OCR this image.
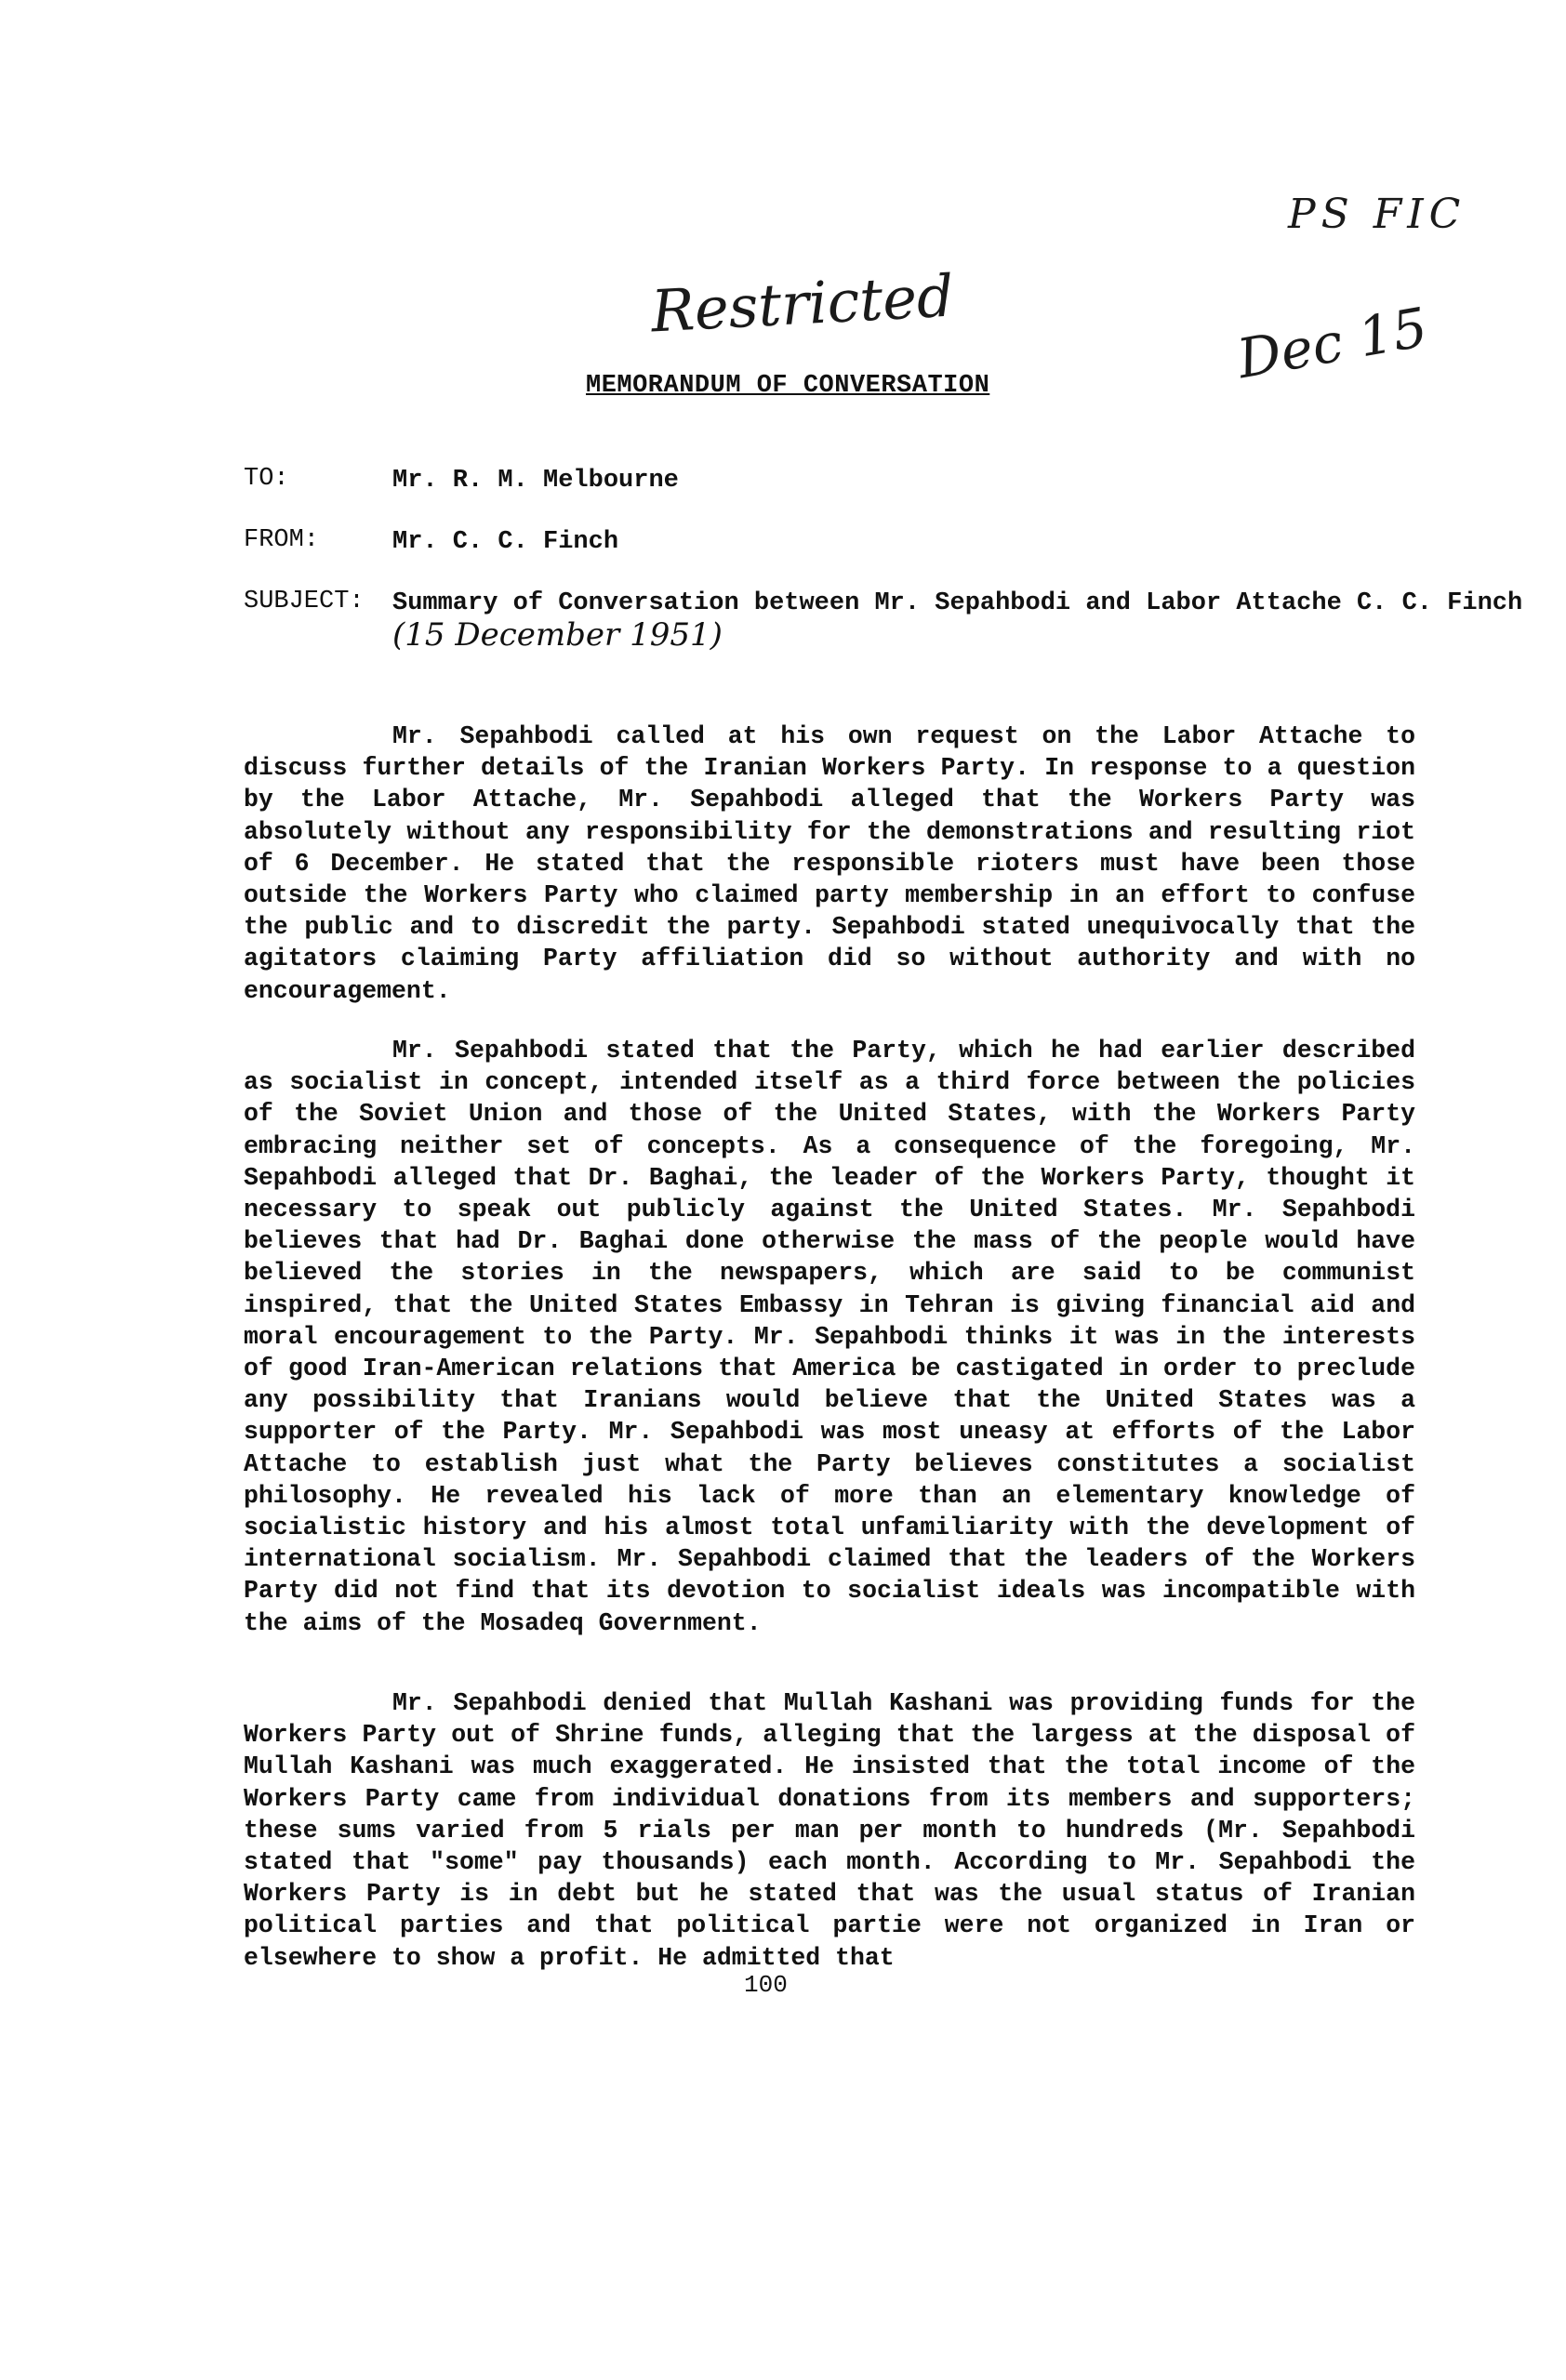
PS FIC
Restricted	Dec 15
MEMORANDUM OF CONVERSATION
TO:	Mr. R. M. Melbourne
FROM:	Mr. C. C. Finch
SUBJECT:	Summary of Conversation between Mr. Sepahbodi and Labor Attache C. C. Finch (15 December 1951)

Mr. Sepahbodi called at his own request on the Labor Attache to discuss further details of the Iranian Workers Party. In response to a question by the Labor Attache, Mr. Sepahbodi alleged that the Workers Party was absolutely without any responsibility for the demonstrations and resulting riot of 6 December. He stated that the responsible rioters must have been those outside the Workers Party who claimed party membership in an effort to confuse the public and to discredit the party. Sepahbodi stated unequivocally that the agitators claiming Party affiliation did so without authority and with no encouragement.

Mr. Sepahbodi stated that the Party, which he had earlier described as socialist in concept, intended itself as a third force between the policies of the Soviet Union and those of the United States, with the Workers Party embracing neither set of concepts. As a consequence of the foregoing, Mr. Sepahbodi alleged that Dr. Baghai, the leader of the Workers Party, thought it necessary to speak out publicly against the United States. Mr. Sepahbodi believes that had Dr. Baghai done otherwise the mass of the people would have believed the stories in the newspapers, which are said to be communist inspired, that the United States Embassy in Tehran is giving financial aid and moral encouragement to the Party. Mr. Sepahbodi thinks it was in the interests of good Iran-American relations that America be castigated in order to preclude any possibility that Iranians would believe that the United States was a supporter of the Party. Mr. Sepahbodi was most uneasy at efforts of the Labor Attache to establish just what the Party believes constitutes a socialist philosophy. He revealed his lack of more than an elementary knowledge of socialistic history and his almost total unfamiliarity with the development of international socialism. Mr. Sepahbodi claimed that the leaders of the Workers Party did not find that its devotion to socialist ideals was incompatible with the aims of the Mosadeq Government.

Mr. Sepahbodi denied that Mullah Kashani was providing funds for the Workers Party out of Shrine funds, alleging that the largess at the disposal of Mullah Kashani was much exaggerated. He insisted that the total income of the Workers Party came from individual donations from its members and supporters; these sums varied from 5 rials per man per month to hundreds (Mr. Sepahbodi stated that "some" pay thousands) each month. According to Mr. Sepahbodi the Workers Party is in debt but he stated that was the usual status of Iranian political parties and that political partie were not organized in Iran or elsewhere to show a profit. He admitted that

100
